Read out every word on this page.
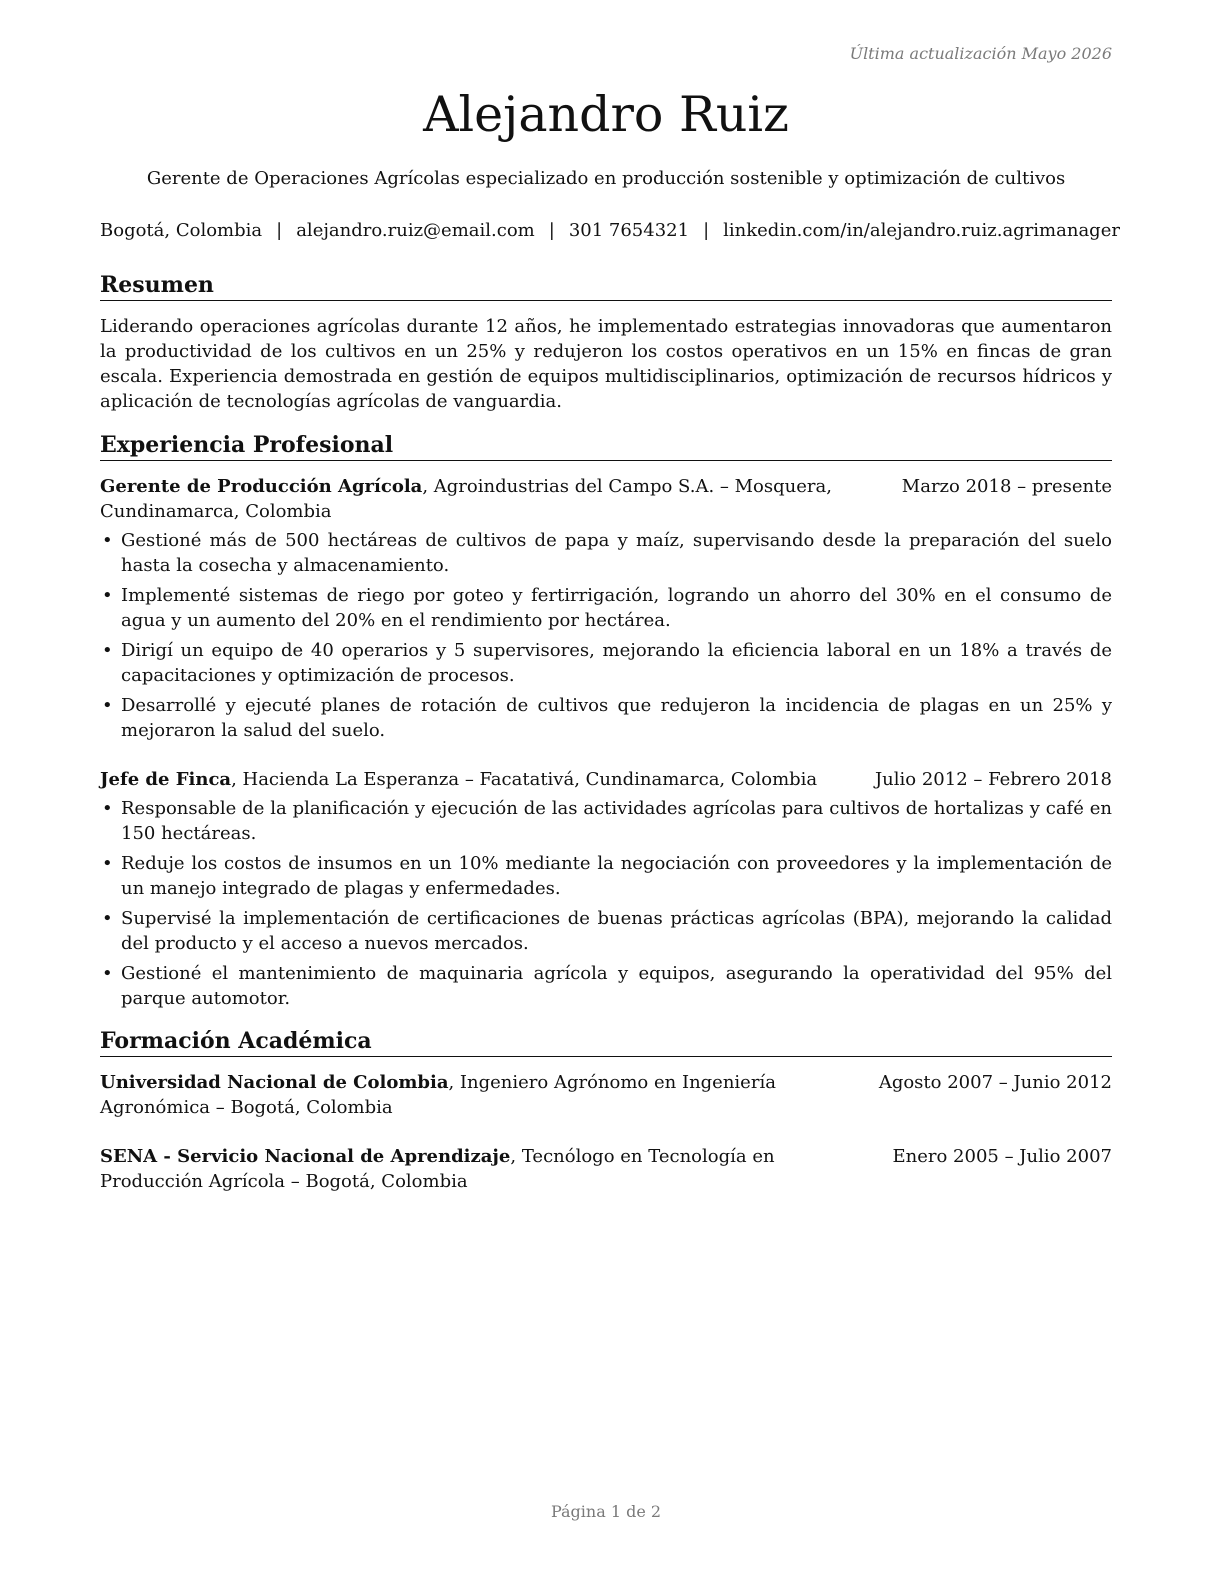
Última actualización Mayo 2026
Alejandro Ruiz
Gerente de Operaciones Agrícolas especializado en producción sostenible y optimización de cultivos
Bogotá, Colombia | alejandro.ruiz@email.com | 301 7654321 | linkedin.com/in/alejandro.ruiz.agrimanager
Resumen

Liderando operaciones agrícolas durante 12 años, he implementado estrategias innovadoras que aumentaron la productividad de los cultivos en un 25% y redujeron los costos operativos en un 15% en fincas de gran escala. Experiencia demostrada en gestión de equipos multidisciplinarios, optimización de recursos hídricos y aplicación de tecnologías agrícolas de vanguardia.

Experiencia Profesional
Gerente de Producción Agrícola, Agroindustrias del Campo S.A. – Mosquera, Cundinamarca, Colombia
Marzo 2018 – presente
• Gestioné más de 500 hectáreas de cultivos de papa y maíz, supervisando desde la preparación del suelo hasta la cosecha y almacenamiento.
• Implementé sistemas de riego por goteo y fertirrigación, logrando un ahorro del 30% en el consumo de agua y un aumento del 20% en el rendimiento por hectárea.
• Dirigí un equipo de 40 operarios y 5 supervisores, mejorando la eficiencia laboral en un 18% a través de capacitaciones y optimización de procesos.
• Desarrollé y ejecuté planes de rotación de cultivos que redujeron la incidencia de plagas en un 25% y mejoraron la salud del suelo.
Jefe de Finca, Hacienda La Esperanza – Facatativá, Cundinamarca, Colombia	Julio 2012 – Febrero 2018
• Responsable de la planificación y ejecución de las actividades agrícolas para cultivos de hortalizas y café en 150 hectáreas.
• Reduje los costos de insumos en un 10% mediante la negociación con proveedores y la implementación de un manejo integrado de plagas y enfermedades.
• Supervisé la implementación de certificaciones de buenas prácticas agrícolas (BPA), mejorando la calidad del producto y el acceso a nuevos mercados.
• Gestioné el mantenimiento de maquinaria agrícola y equipos, asegurando la operatividad del 95% del parque automotor.
Formación Académica
Universidad Nacional de Colombia, Ingeniero Agrónomo en Ingeniería Agronómica – Bogotá, Colombia
Agosto 2007 – Junio 2012
SENA - Servicio Nacional de Aprendizaje, Tecnólogo en Tecnología en Producción Agrícola – Bogotá, Colombia
Enero 2005 – Julio 2007
Página 1 de 2
